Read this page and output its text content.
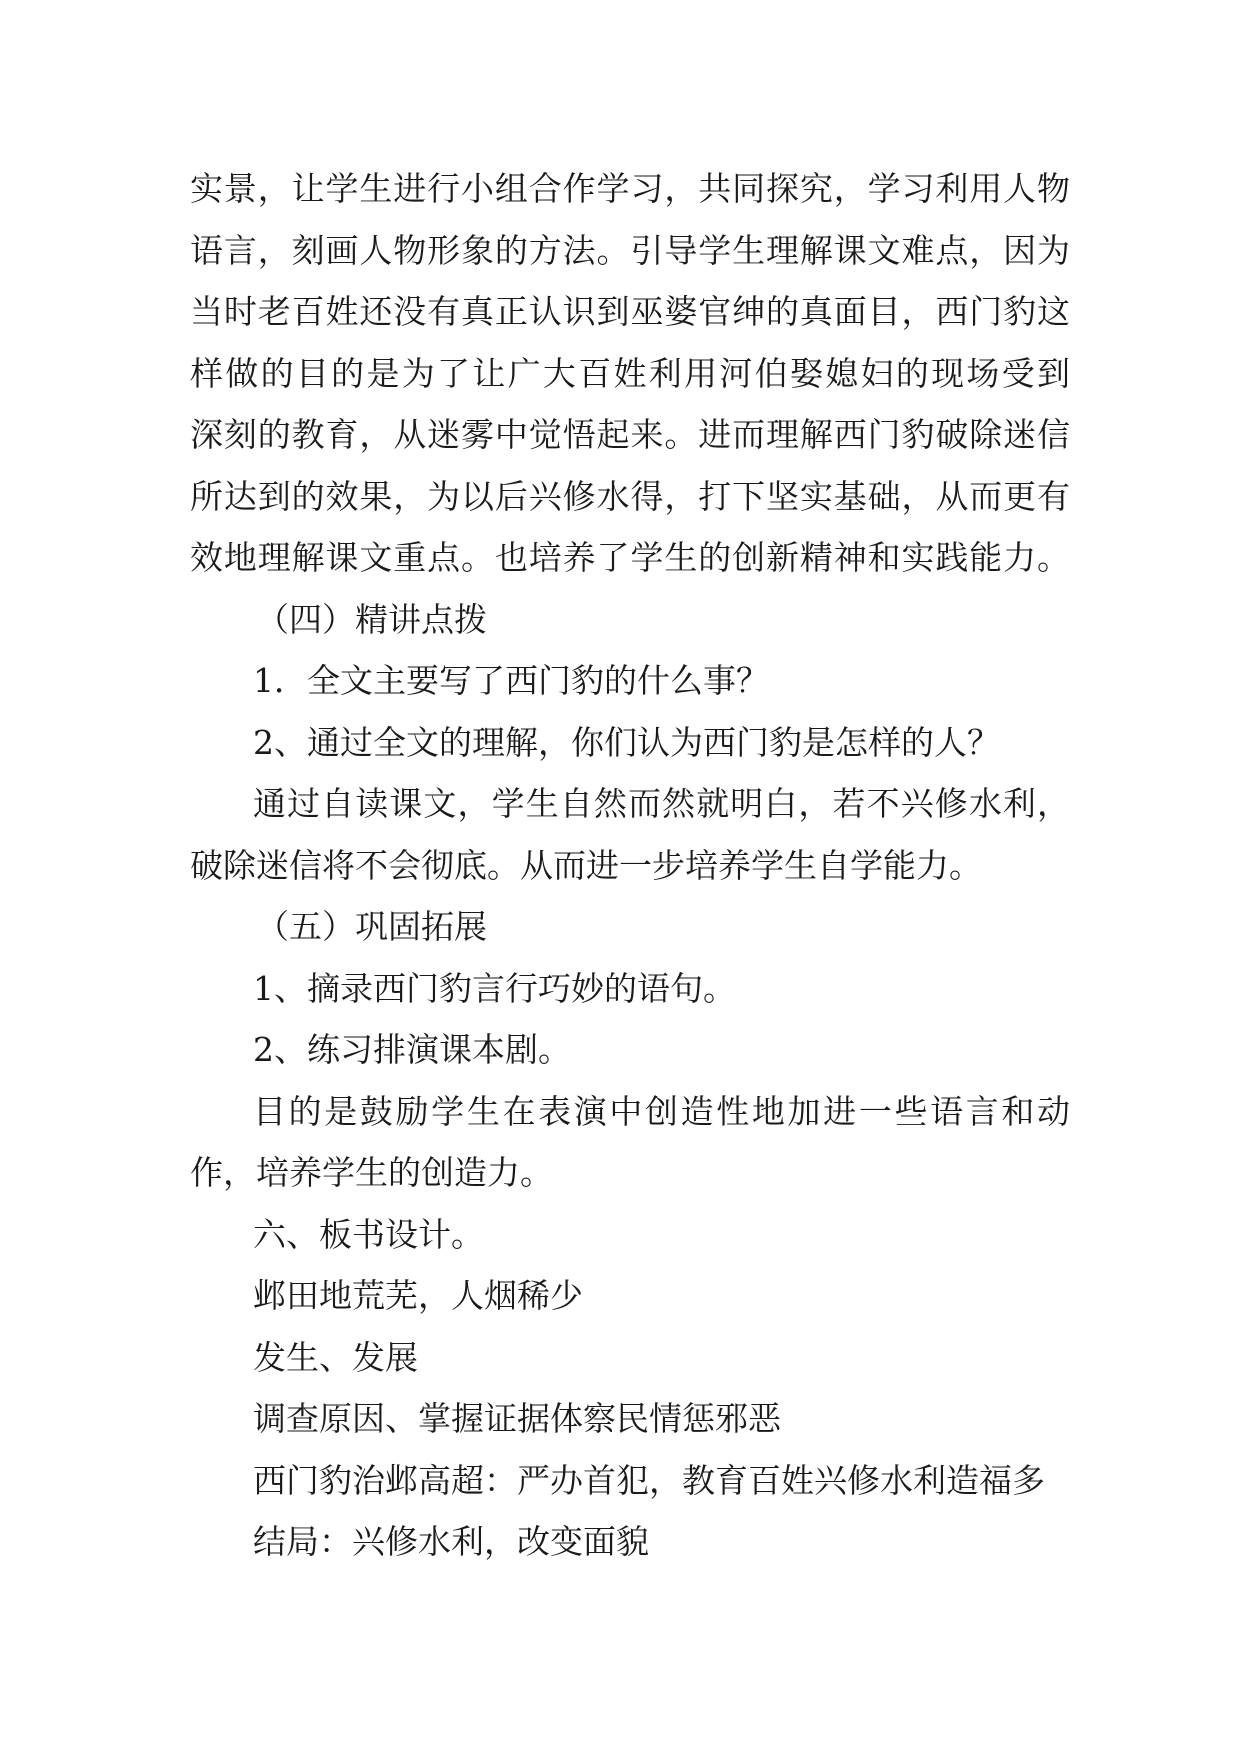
实景，让学生进行小组合作学习，共同探究，学习利用人物
语言，刻画人物形象的方法。引导学生理解课文难点，因为
当时老百姓还没有真正认识到巫婆官绅的真面目，西门豹这
样做的目的是为了让广大百姓利用河伯娶媳妇的现场受到
深刻的教育，从迷雾中觉悟起来。进而理解西门豹破除迷信
所达到的效果，为以后兴修水得，打下坚实基础，从而更有
效地理解课文重点。也培养了学生的创新精神和实践能力。
（四）精讲点拨
1．全文主要写了西门豹的什么事？
2、通过全文的理解，你们认为西门豹是怎样的人？
通过自读课文，学生自然而然就明白，若不兴修水利，
破除迷信将不会彻底。从而进一步培养学生自学能力。
（五）巩固拓展
1、摘录西门豹言行巧妙的语句。
2、练习排演课本剧。
目的是鼓励学生在表演中创造性地加进一些语言和动
作，培养学生的创造力。
六、板书设计。
邺田地荒芜，人烟稀少
发生、发展
调查原因、掌握证据体察民情惩邪恶
西门豹治邺高超：严办首犯，教育百姓兴修水利造福多
结局：兴修水利，改变面貌
